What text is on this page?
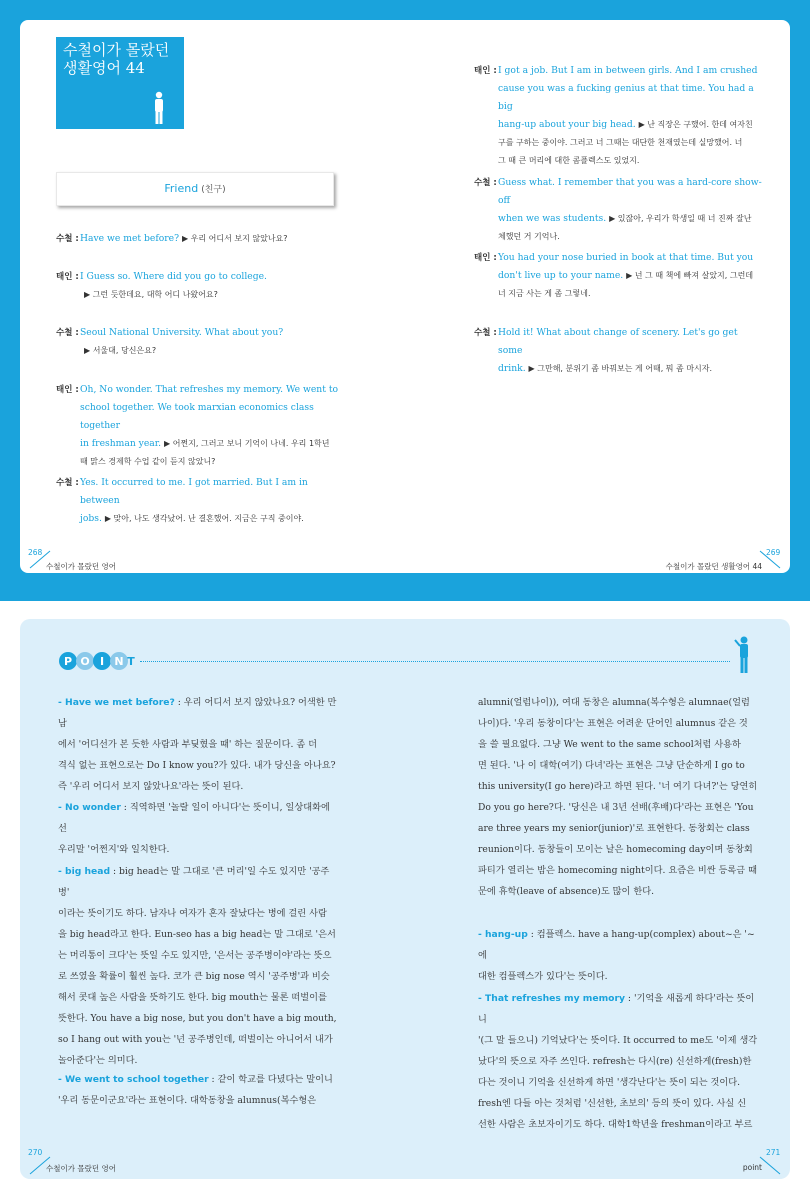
수철이가 몰랐던
생활영어 44
Friend (친구)
수철 : Have we met before? ▶ 우리 어디서 보지 않았나요?
태인 : I Guess so. Where did you go to college.
▶ 그런 듯한데요, 대학 어디 나왔어요?
수철 : Seoul National University. What about you?
▶ 서울대, 당신은요?
태인 : Oh, No wonder. That refreshes my memory. We went to
school together. We took marxian economics class together
in freshman year. ▶ 어쩐지, 그러고 보니 기억이 나네. 우리 1학년
때 맑스 경제학 수업 같이 듣지 않았니?
수철 : Yes. It occurred to me. I got married. But I am in between
jobs. ▶ 맞아, 나도 생각났어. 난 결혼했어. 지금은 구직 중이야.
태인 : I got a job. But I am in between girls. And I am crushed
cause you was a fucking genius at that time. You had a big
hang-up about your big head. ▶ 난 직장은 구했어. 한데 여자친
구를 구하는 중이야. 그러고 너 그때는 대단한 천재였는데 실망했어. 너
그 때 큰 머리에 대한 콤플렉스도 있었지.
수철 : Guess what. I remember that you was a hard-core show-off
when we was students. ▶ 있잖아, 우리가 학생일 때 너 진짜 잘난
체했던 거 기억나.
태인 : You had your nose buried in book at that time. But you
don't live up to your name. ▶ 넌 그 때 책에 빠져 살았지, 그런데
너 지금 사는 게 좀 그렇네.
수철 : Hold it! What about change of scenery. Let's go get some
drink. ▶ 그만해, 분위기 좀 바꿔보는 게 어때, 뭐 좀 마시자.
268
수철이가 몰랐던 영어
269
수철이가 몰랐던 생활영어 44
P O I N T
- Have we met before? : 우리 어디서 보지 않았나요? 어색한 만남
에서 '어디선가 본 듯한 사람과 부딪혔을 때' 하는 질문이다. 좀 더
격식 없는 표현으로는 Do I know you?가 있다. 내가 당신을 아나요?
즉 '우리 어디서 보지 않았나요'라는 뜻이 된다.
- No wonder : 직역하면 '놀랄 일이 아니다'는 뜻이니, 일상대화에선
우리말 '어쩐지'와 일치한다.
- big head : big head는 말 그대로 '큰 머리'일 수도 있지만 '공주병'
이라는 뜻이기도 하다. 남자나 여자가 혼자 잘났다는 병에 걸린 사람
을 big head라고 한다. Eun-seo has a big head는 말 그대로 '은서
는 머리통이 크다'는 뜻일 수도 있지만, '은서는 공주병이야'라는 뜻으
로 쓰였을 확률이 훨씬 높다. 코가 큰 big nose 역시 '공주병'과 비슷
해서 콧대 높은 사람을 뜻하기도 한다. big mouth는 물론 떠벌이를
뜻한다. You have a big nose, but you don't have a big mouth,
so I hang out with you는 '넌 공주병인데, 떠벌이는 아니어서 내가
놀아준다'는 의미다.
- We went to school together : 같이 학교를 다녔다는 말이니
'우리 동문이군요'라는 표현이다. 대학동창을 alumnus(복수형은
alumni(얼럼나이)), 여대 동창은 alumna(복수형은 alumnae(얼럼
나이)다. '우리 동창이다'는 표현은 어려운 단어인 alumnus 같은 것
을 쓸 필요없다. 그냥 We went to the same school처럼 사용하
면 된다. '나 이 대학(여기) 다녀'라는 표현은 그냥 단순하게 I go to
this university(I go here)라고 하면 된다. '너 여기 다녀?'는 당연히
Do you go here?다. '당신은 내 3년 선배(후배)다'라는 표현은 'You
are three years my senior(junior)'로 표현한다. 동창회는 class
reunion이다. 동창들이 모이는 날은 homecoming day이며 동창회
파티가 열리는 밤은 homecoming night이다. 요즘은 비싼 등록금 때
문에 휴학(leave of absence)도 많이 한다.
- hang-up : 컴플렉스. have a hang-up(complex) about~은 '~에
대한 컴플렉스가 있다'는 뜻이다.
- That refreshes my memory : '기억을 새롭게 하다'라는 뜻이니
'(그 말 들으니) 기억났다'는 뜻이다. It occurred to me도 '이제 생각
났다'의 뜻으로 자주 쓰인다. refresh는 다시(re) 신선하게(fresh)한
다는 것이니 기억을 신선하게 하면 '생각난다'는 뜻이 되는 것이다.
fresh엔 다들 아는 것처럼 '신선한, 초보의' 등의 뜻이 있다. 사실 신
선한 사람은 초보자이기도 하다. 대학1학년을 freshman이라고 부르
270
수철이가 몰랐던 영어
271
point
